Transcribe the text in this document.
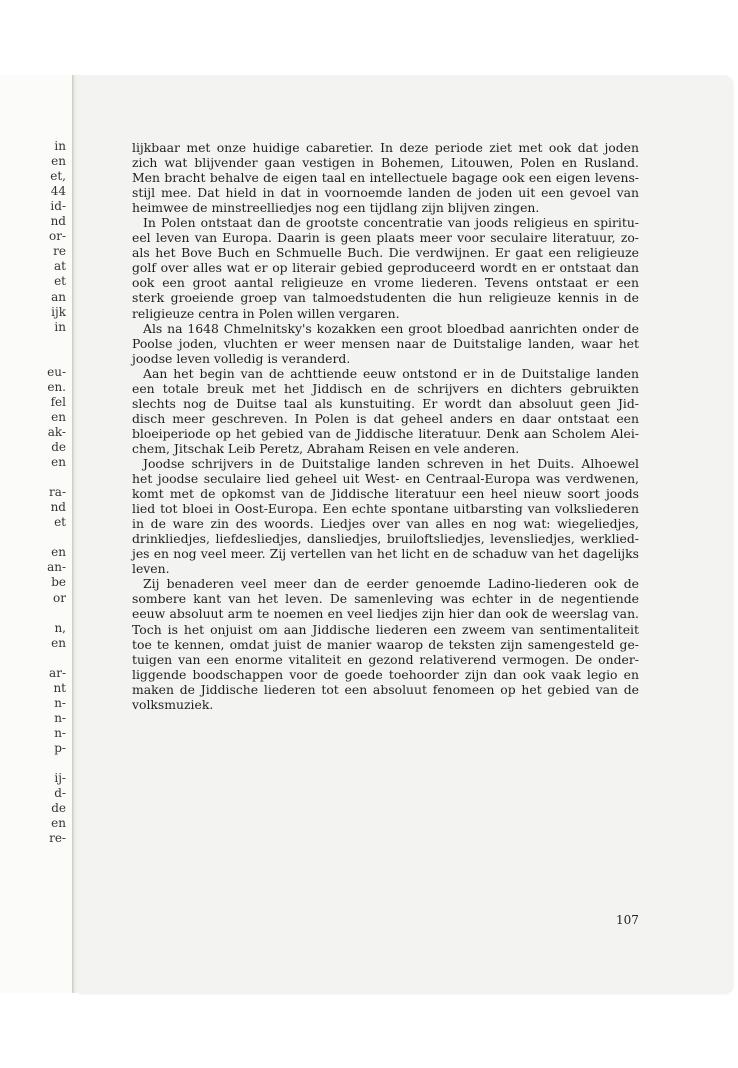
in
en
et,
44
id-
nd
or-
re
at
et
an
ijk
in
eu-
en.
fel
en
ak-
de
en
ra-
nd
et
en
an-
be
or
n,
en
ar-
nt
n-
n-
n-
p-
ij-
d-
de
en
re-
lijkbaar met onze huidige cabaretier. In deze periode ziet met ook dat joden
zich wat blijvender gaan vestigen in Bohemen, Litouwen, Polen en Rusland.
Men bracht behalve de eigen taal en intellectuele bagage ook een eigen levens-
stijl mee. Dat hield in dat in voornoemde landen de joden uit een gevoel van
heimwee de minstreelliedjes nog een tijdlang zijn blijven zingen.
In Polen ontstaat dan de grootste concentratie van joods religieus en spiritu-
eel leven van Europa. Daarin is geen plaats meer voor seculaire literatuur, zo-
als het Bove Buch en Schmuelle Buch. Die verdwijnen. Er gaat een religieuze
golf over alles wat er op literair gebied geproduceerd wordt en er ontstaat dan
ook een groot aantal religieuze en vrome liederen. Tevens ontstaat er een
sterk groeiende groep van talmoedstudenten die hun religieuze kennis in de
religieuze centra in Polen willen vergaren.
Als na 1648 Chmelnitsky's kozakken een groot bloedbad aanrichten onder de
Poolse joden, vluchten er weer mensen naar de Duitstalige landen, waar het
joodse leven volledig is veranderd.
Aan het begin van de achttiende eeuw ontstond er in de Duitstalige landen
een totale breuk met het Jiddisch en de schrijvers en dichters gebruikten
slechts nog de Duitse taal als kunstuiting. Er wordt dan absoluut geen Jid-
disch meer geschreven. In Polen is dat geheel anders en daar ontstaat een
bloeiperiode op het gebied van de Jiddische literatuur. Denk aan Scholem Alei-
chem, Jitschak Leib Peretz, Abraham Reisen en vele anderen.
Joodse schrijvers in de Duitstalige landen schreven in het Duits. Alhoewel
het joodse seculaire lied geheel uit West- en Centraal-Europa was verdwenen,
komt met de opkomst van de Jiddische literatuur een heel nieuw soort joods
lied tot bloei in Oost-Europa. Een echte spontane uitbarsting van volksliederen
in de ware zin des woords. Liedjes over van alles en nog wat: wiegeliedjes,
drinkliedjes, liefdesliedjes, dansliedjes, bruiloftsliedjes, levensliedjes, werklied-
jes en nog veel meer. Zij vertellen van het licht en de schaduw van het dagelijks
leven.
Zij benaderen veel meer dan de eerder genoemde Ladino-liederen ook de
sombere kant van het leven. De samenleving was echter in de negentiende
eeuw absoluut arm te noemen en veel liedjes zijn hier dan ook de weerslag van.
Toch is het onjuist om aan Jiddische liederen een zweem van sentimentaliteit
toe te kennen, omdat juist de manier waarop de teksten zijn samengesteld ge-
tuigen van een enorme vitaliteit en gezond relativerend vermogen. De onder-
liggende boodschappen voor de goede toehoorder zijn dan ook vaak legio en
maken de Jiddische liederen tot een absoluut fenomeen op het gebied van de
volksmuziek.
107
